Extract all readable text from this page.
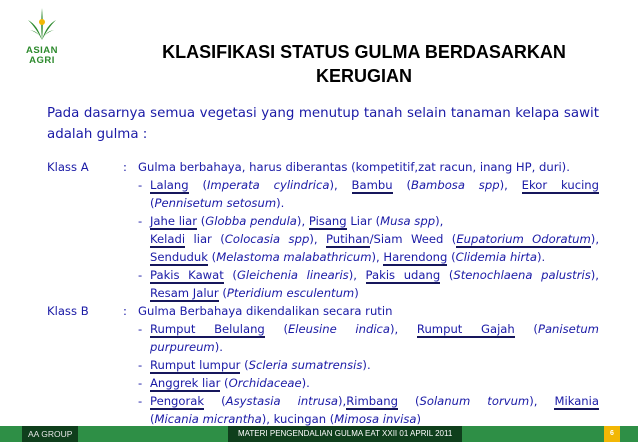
ASIAN
AGRI	KLASIFIKASI STATUS GULMA BERDASARKAN
KERUGIAN
Pada dasarnya semua vegetasi yang menutup tanah selain tanaman kelapa sawit adalah gulma :
Klass A	: Gulma berbahaya, harus diberantas (kompetitif,zat racun, inang HP, duri).
- Lalang (Imperata cylindrica), Bambu (Bambosa spp), Ekor kucing
(Pennisetum setosum).
- Jahe liar (Globba pendula), Pisang Liar (Musa spp),
Keladi liar (Colocasia spp), Putihan/Siam Weed (Eupatorium Odoratum),
Senduduk (Melastoma malabathricum), Harendong (Clidemia hirta).
- Pakis Kawat (Gleichenia linearis), Pakis udang (Stenochlaena palustris),
Resam Jalur (Pteridium esculentum)
Klass B	: Gulma Berbahaya dikendalikan secara rutin
- Rumput Belulang (Eleusine indica), Rumput Gajah (Panisetum
purpureum).
- Rumput lumpur (Scleria sumatrensis).
- Anggrek liar (Orchidaceae).
- Pengorak (Asystasia intrusa),Rimbang (Solanum torvum), Mikania
(Micania micrantha), kucingan (Mimosa invisa)
AA GROUP	MATERI PENGENDALIAN GULMA EAT XXII 01 APRIL 2011	6
